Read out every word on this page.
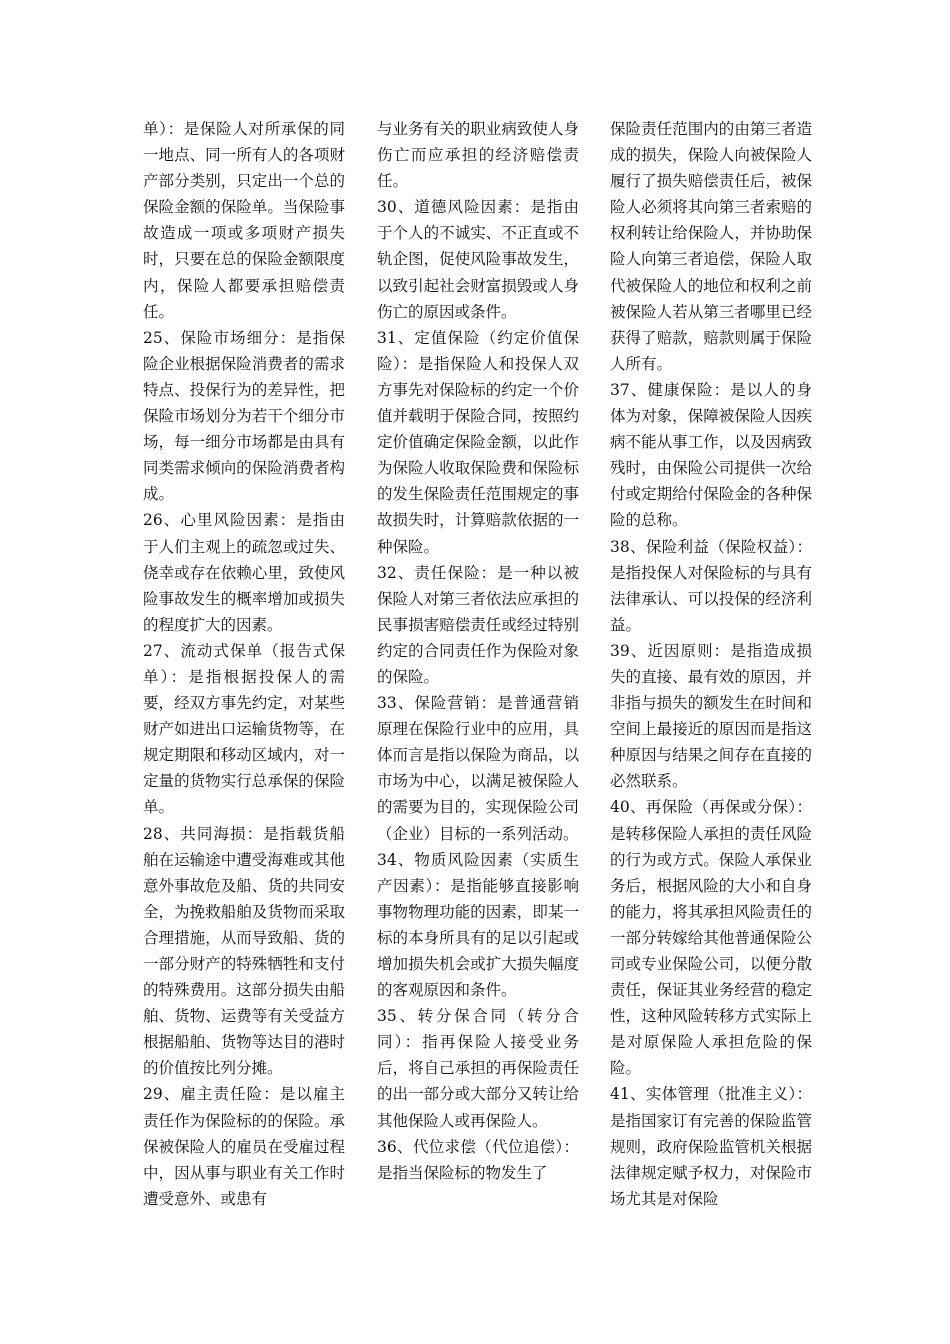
单）：是保险人对所承保的同一地点、同一所有人的各项财产部分类别，只定出一个总的保险金额的保险单。当保险事故造成一项或多项财产损失时，只要在总的保险金额限度内，保险人都要承担赔偿责任。

25、保险市场细分：是指保险企业根据保险消费者的需求特点、投保行为的差异性，把保险市场划分为若干个细分市场，每一细分市场都是由具有同类需求倾向的保险消费者构成。

26、心里风险因素：是指由于人们主观上的疏忽或过失、侥幸或存在依赖心里，致使风险事故发生的概率增加或损失的程度扩大的因素。

27、流动式保单（报告式保单）：是指根据投保人的需要，经双方事先约定，对某些财产如进出口运输货物等，在规定期限和移动区域内，对一定量的货物实行总承保的保险单。

28、共同海损：是指载货船舶在运输途中遭受海难或其他意外事故危及船、货的共同安全，为挽救船舶及货物而采取合理措施，从而导致船、货的一部分财产的特殊牺牲和支付的特殊费用。这部分损失由船舶、货物、运费等有关受益方根据船舶、货物等达目的港时的价值按比列分摊。

29、雇主责任险：是以雇主责任作为保险标的的保险。承保被保险人的雇员在受雇过程中，因从事与职业有关工作时遭受意外、或患有

与业务有关的职业病致使人身伤亡而应承担的经济赔偿责任。

30、道德风险因素：是指由于个人的不诚实、不正直或不轨企图，促使风险事故发生，以致引起社会财富损毁或人身伤亡的原因或条件。

31、定值保险（约定价值保险）：是指保险人和投保人双方事先对保险标的约定一个价值并载明于保险合同，按照约定价值确定保险金额，以此作为保险人收取保险费和保险标的发生保险责任范围规定的事故损失时，计算赔款依据的一种保险。

32、责任保险：是一种以被保险人对第三者依法应承担的民事损害赔偿责任或经过特别约定的合同责任作为保险对象的保险。

33、保险营销：是普通营销原理在保险行业中的应用，具体而言是指以保险为商品，以市场为中心，以满足被保险人的需要为目的，实现保险公司（企业）目标的一系列活动。

34、物质风险因素（实质生产因素）：是指能够直接影响事物物理功能的因素，即某一标的本身所具有的足以引起或增加损失机会或扩大损失幅度的客观原因和条件。

35、转分保合同（转分合同）：指再保险人接受业务后，将自己承担的再保险责任的出一部分或大部分又转让给其他保险人或再保险人。

36、代位求偿（代位追偿）：是指当保险标的物发生了

保险责任范围内的由第三者造成的损失，保险人向被保险人履行了损失赔偿责任后，被保险人必须将其向第三者索赔的权利转让给保险人，并协助保险人向第三者追偿，保险人取代被保险人的地位和权利之前被保险人若从第三者哪里已经获得了赔款，赔款则属于保险人所有。

37、健康保险：是以人的身体为对象，保障被保险人因疾病不能从事工作，以及因病致残时，由保险公司提供一次给付或定期给付保险金的各种保险的总称。

38、保险利益（保险权益）：是指投保人对保险标的与具有法律承认、可以投保的经济利益。

39、近因原则：是指造成损失的直接、最有效的原因，并非指与损失的额发生在时间和空间上最接近的原因而是指这种原因与结果之间存在直接的必然联系。

40、再保险（再保或分保）：是转移保险人承担的责任风险的行为或方式。保险人承保业务后，根据风险的大小和自身的能力，将其承担风险责任的一部分转嫁给其他普通保险公司或专业保险公司，以便分散责任，保证其业务经营的稳定性，这种风险转移方式实际上是对原保险人承担危险的保险。

41、实体管理（批准主义）：是指国家订有完善的保险监管规则，政府保险监管机关根据法律规定赋予权力，对保险市场尤其是对保险
